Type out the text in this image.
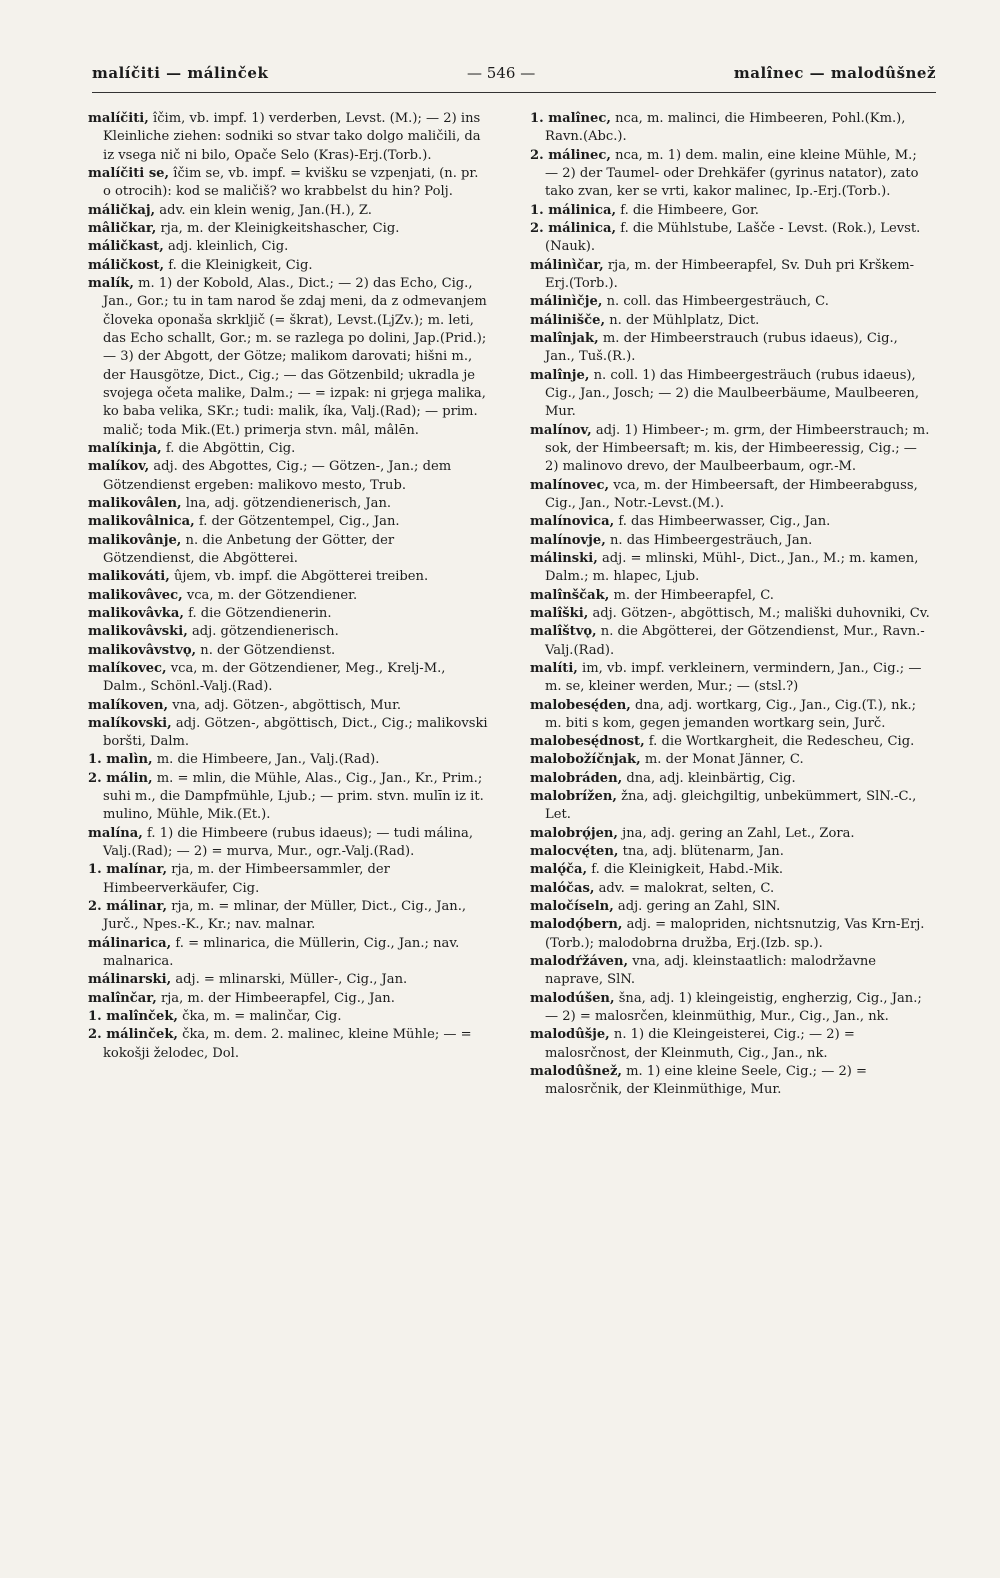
malíčiti — málinček	— 546 —	malînec — malodûšnež

malíčiti, îčim, vb. impf. 1) verderben, Levst. (M.); — 2) ins Kleinliche ziehen: sodniki so stvar tako dolgo maličili, da iz vsega nič ni bilo, Opače Selo (Kras)-Erj.(Torb.).

malíčiti se, îčim se, vb. impf. = kvišku se vzpenjati, (n. pr. o otrocih): kod se maličiš? wo krabbelst du hin? Polj.

máličkaj, adv. ein klein wenig, Jan.(H.), Z.

mâličkar, rja, m. der Kleinigkeitshascher, Cig.

máličkast, adj. kleinlich, Cig.

máličkost, f. die Kleinigkeit, Cig.

malík, m. 1) der Kobold, Alas., Dict.; — 2) das Echo, Cig., Jan., Gor.; tu in tam narod še zdaj meni, da z odmevanjem človeka oponaša skrkljič (= škrat), Levst.(LjZv.); m. leti, das Echo schallt, Gor.; m. se razlega po dolini, Jap.(Prid.); — 3) der Abgott, der Götze; malikom darovati; hišni m., der Hausgötze, Dict., Cig.; — das Götzenbild; ukradla je svojega očeta malike, Dalm.; — = izpak: ni grjega malika, ko baba velika, SKr.; tudi: malik, íka, Valj.(Rad); — prim. malič; toda Mik.(Et.) primerja stvn. mâl, mâlēn.

malíkinja, f. die Abgöttin, Cig.

malíkov, adj. des Abgottes, Cig.; — Götzen-, Jan.; dem Götzendienst ergeben: malikovo mesto, Trub.

malikovâlen, lna, adj. götzendienerisch, Jan.

malikovâlnica, f. der Götzentempel, Cig., Jan.

malikovânje, n. die Anbetung der Götter, der Götzendienst, die Abgötterei.

malikováti, ûjem, vb. impf. die Abgötterei treiben.

malikovâvec, vca, m. der Götzendiener.

malikovâvka, f. die Götzendienerin.

malikovâvski, adj. götzendienerisch.

malikovâvstvǫ, n. der Götzendienst.

malíkovec, vca, m. der Götzendiener, Meg., Krelj-M., Dalm., Schönl.-Valj.(Rad).

malíkoven, vna, adj. Götzen-, abgöttisch, Mur.

malíkovski, adj. Götzen-, abgöttisch, Dict., Cig.; malikovski boršti, Dalm.

1. malìn, m. die Himbeere, Jan., Valj.(Rad).

2. málin, m. = mlin, die Mühle, Alas., Cig., Jan., Kr., Prim.; suhi m., die Dampfmühle, Ljub.; — prim. stvn. mulīn iz it. mulino, Mühle, Mik.(Et.).

malína, f. 1) die Himbeere (rubus idaeus); — tudi málina, Valj.(Rad); — 2) = murva, Mur., ogr.-Valj.(Rad).

1. malínar, rja, m. der Himbeersammler, der Himbeerverkäufer, Cig.

2. málinar, rja, m. = mlinar, der Müller, Dict., Cig., Jan., Jurč., Npes.-K., Kr.; nav. malnar.

málinarica, f. = mlinarica, die Müllerin, Cig., Jan.; nav. malnarica.

málinarski, adj. = mlinarski, Müller-, Cig., Jan.

malînčar, rja, m. der Himbeerapfel, Cig., Jan.

1. malînček, čka, m. = malinčar, Cig.

2. málinček, čka, m. dem. 2. malinec, kleine Mühle; — = kokošji želodec, Dol.

1. malînec, nca, m. malinci, die Himbeeren, Pohl.(Km.), Ravn.(Abc.).

2. málinec, nca, m. 1) dem. malin, eine kleine Mühle, M.; — 2) der Taumel- oder Drehkäfer (gyrinus natator), zato tako zvan, ker se vrti, kakor malinec, Ip.-Erj.(Torb.).

1. málinica, f. die Himbeere, Gor.

2. málinica, f. die Mühlstube, Lašče - Levst. (Rok.), Levst.(Nauk).

málinìčar, rja, m. der Himbeerapfel, Sv. Duh pri Krškem-Erj.(Torb.).

málinìčje, n. coll. das Himbeergesträuch, C.

málinišče, n. der Mühlplatz, Dict.

malînjak, m. der Himbeerstrauch (rubus idaeus), Cig., Jan., Tuš.(R.).

malînje, n. coll. 1) das Himbeergesträuch (rubus idaeus), Cig., Jan., Josch; — 2) die Maulbeerbäume, Maulbeeren, Mur.

malínov, adj. 1) Himbeer-; m. grm, der Himbeerstrauch; m. sok, der Himbeersaft; m. kis, der Himbeeressig, Cig.; — 2) malinovo drevo, der Maulbeerbaum, ogr.-M.

malínovec, vca, m. der Himbeersaft, der Himbeerabguss, Cig., Jan., Notr.-Levst.(M.).

malínovica, f. das Himbeerwasser, Cig., Jan.

malínovje, n. das Himbeergesträuch, Jan.

málinski, adj. = mlinski, Mühl-, Dict., Jan., M.; m. kamen, Dalm.; m. hlapec, Ljub.

malînščak, m. der Himbeerapfel, C.

malîški, adj. Götzen-, abgöttisch, M.; mališki duhovniki, Cv.

malîštvǫ, n. die Abgötterei, der Götzendienst, Mur., Ravn.-Valj.(Rad).

malíti, im, vb. impf. verkleinern, vermindern, Jan., Cig.; — m. se, kleiner werden, Mur.; — (stsl.?)

malobesę́den, dna, adj. wortkarg, Cig., Jan., Cig.(T.), nk.; m. biti s kom, gegen jemanden wortkarg sein, Jurč.

malobesę́dnost, f. die Wortkargheit, die Redescheu, Cig.

malobožíčnjak, m. der Monat Jänner, C.

malobráden, dna, adj. kleinbärtig, Cig.

malobrížen, žna, adj. gleichgiltig, unbekümmert, SlN.-C., Let.

malobrǫ́jen, jna, adj. gering an Zahl, Let., Zora.

malocvę́ten, tna, adj. blütenarm, Jan.

malǫ́ča, f. die Kleinigkeit, Habd.-Mik.

malóčas, adv. = malokrat, selten, C.

maločíseln, adj. gering an Zahl, SlN.

malodǫ́bern, adj. = malopriden, nichtsnutzig, Vas Krn-Erj.(Torb.); malodobrna družba, Erj.(Izb. sp.).

malodŕžáven, vna, adj. kleinstaatlich: malodržavne naprave, SlN.

malodúšen, šna, adj. 1) kleingeistig, engherzig, Cig., Jan.; — 2) = malosrčen, kleinmüthig, Mur., Cig., Jan., nk.

malodûšje, n. 1) die Kleingeisterei, Cig.; — 2) = malosrčnost, der Kleinmuth, Cig., Jan., nk.

malodûšnež, m. 1) eine kleine Seele, Cig.; — 2) = malosrčnik, der Kleinmüthige, Mur.
